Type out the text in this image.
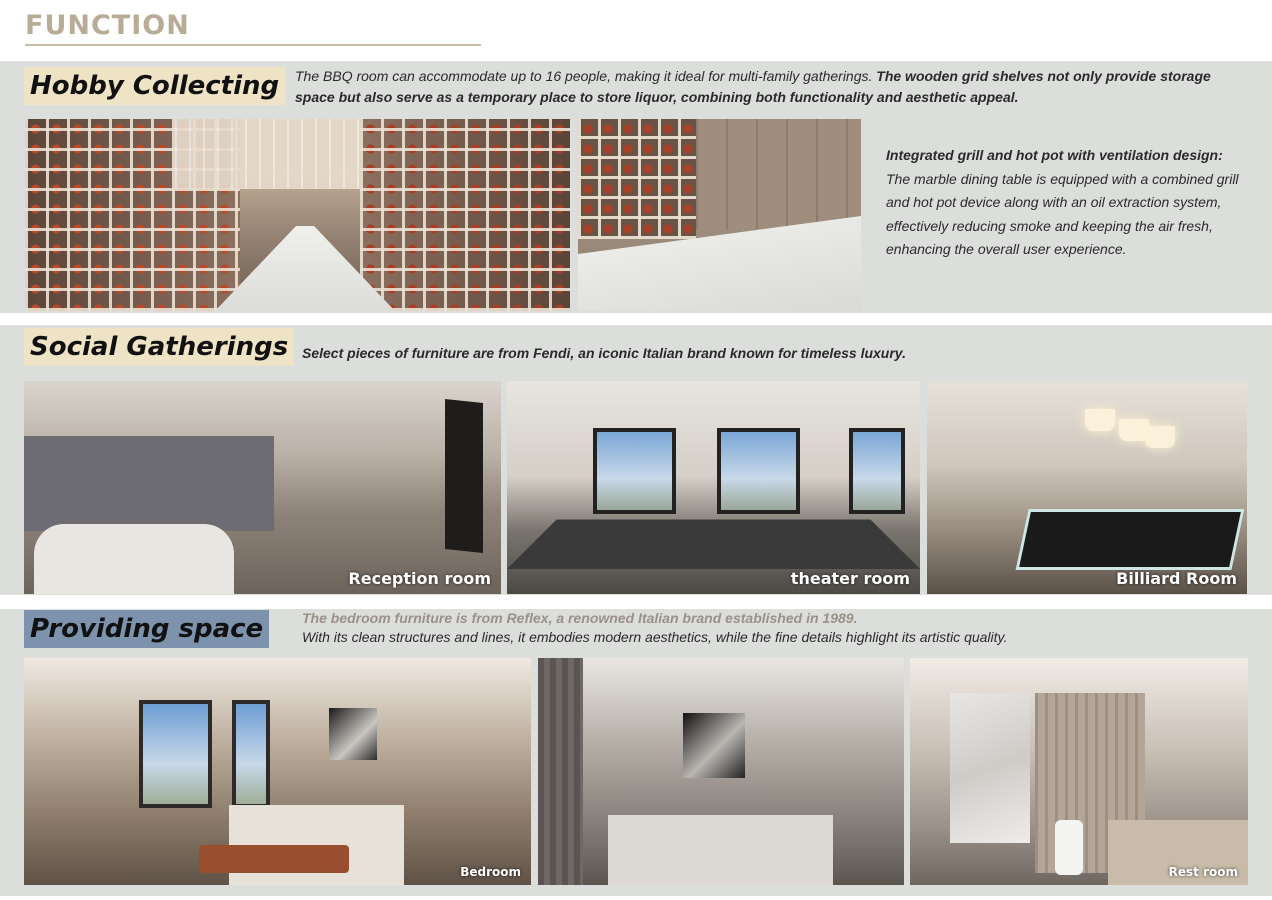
FUNCTION
Hobby Collecting	The BBQ room can accommodate up to 16 people, making it ideal for multi-family gatherings. The wooden grid shelves not only provide storage space but also serve as a temporary place to store liquor, combining both functionality and aesthetic appeal.
Integrated grill and hot pot with ventilation design:
The marble dining table is equipped with a combined grill and hot pot device along with an oil extraction system, effectively reducing smoke and keeping the air fresh, enhancing the overall user experience.
Social Gatherings Select pieces of furniture are from Fendi, an iconic Italian brand known for timeless luxury.
Reception room	theater room	Billiard Room
Providing space	The bedroom furniture is from Reflex, a renowned Italian brand established in 1989.
With its clean structures and lines, it embodies modern aesthetics, while the fine details highlight its artistic quality.
Bedroom	Rest room
